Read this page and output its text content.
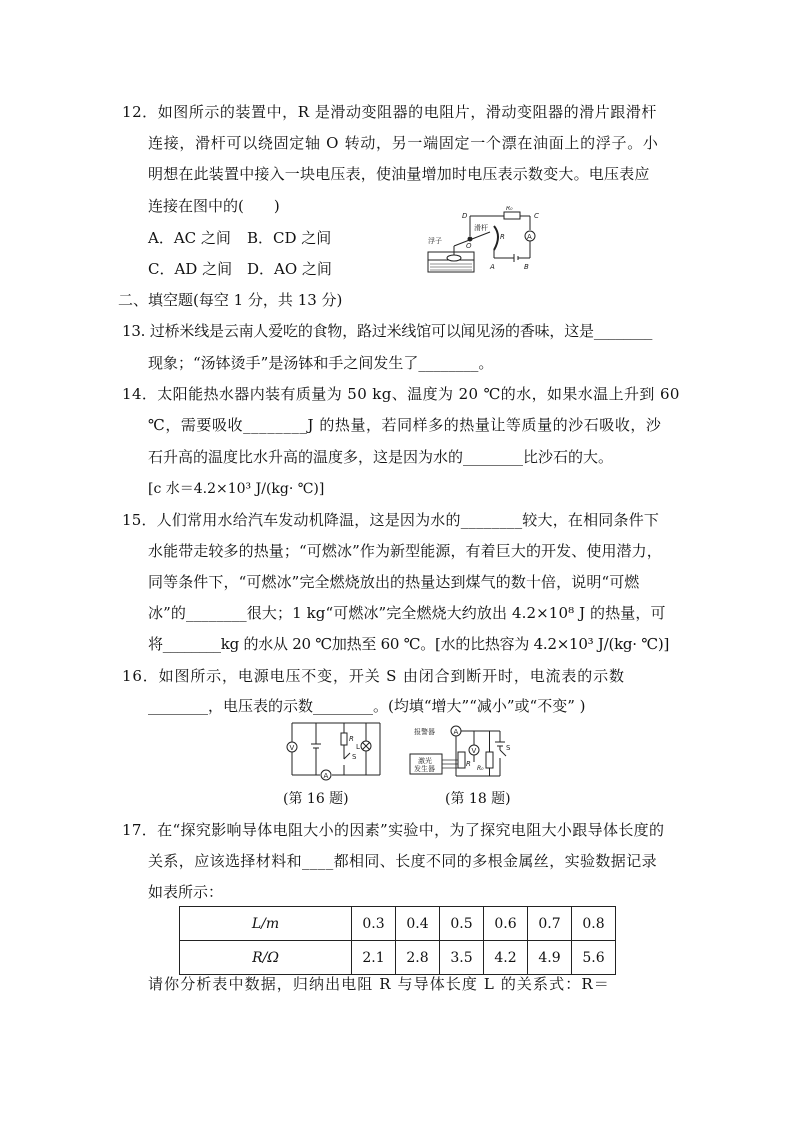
12．如图所示的装置中，R 是滑动变阻器的电阻片，滑动变阻器的滑片跟滑杆
连接，滑杆可以绕固定轴 O 转动，另一端固定一个漂在油面上的浮子。小
明想在此装置中接入一块电压表，使油量增加时电压表示数变大。电压表应
连接在图中的(　　)
A．AC 之间 B．CD 之间
C．AD 之间 D．AO 之间
D
R₀
C
A
浮子
滑杆
O
R
A	B
二、填空题(每空 1 分，共 13 分)
13. 过桥米线是云南人爱吃的食物，路过米线馆可以闻见汤的香味，这是________
现象；“汤钵烫手”是汤钵和手之间发生了________。
14．太阳能热水器内装有质量为 50 kg、温度为 20 ℃的水，如果水温上升到 60
℃，需要吸收________J 的热量，若同样多的热量让等质量的沙石吸收，沙
石升高的温度比水升高的温度多，这是因为水的________比沙石的大。
[c 水＝4.2×10³ J/(kg· ℃)]
15．人们常用水给汽车发动机降温，这是因为水的________较大，在相同条件下
水能带走较多的热量；“可燃冰”作为新型能源，有着巨大的开发、使用潜力，
同等条件下，“可燃冰”完全燃烧放出的热量达到煤气的数十倍，说明“可燃
冰”的________很大；1 kg“可燃冰”完全燃烧大约放出 4.2×10⁸ J 的热量，可
将________kg 的水从 20 ℃加热至 60 ℃。[水的比热容为 4.2×10³ J/(kg· ℃)]
16．如图所示，电源电压不变，开关 S 由闭合到断开时，电流表的示数
________，电压表的示数________。(均填“增大”“减小”或“不变” )
V
A
R
L
S
(第 16 题)
报警器	A
V	S
R
R₀
激光
发生器
(第 18 题)
17．在“探究影响导体电阻大小的因素”实验中，为了探究电阻大小跟导体长度的
关系，应该选择材料和____都相同、长度不同的多根金属丝，实验数据记录
如表所示：
L/m	0.3	0.4	0.5	0.6	0.7	0.8
R/Ω	2.1	2.8	3.5	4.2	4.9	5.6
请你分析表中数据，归纳出电阻 R 与导体长度 L 的关系式：R＝
